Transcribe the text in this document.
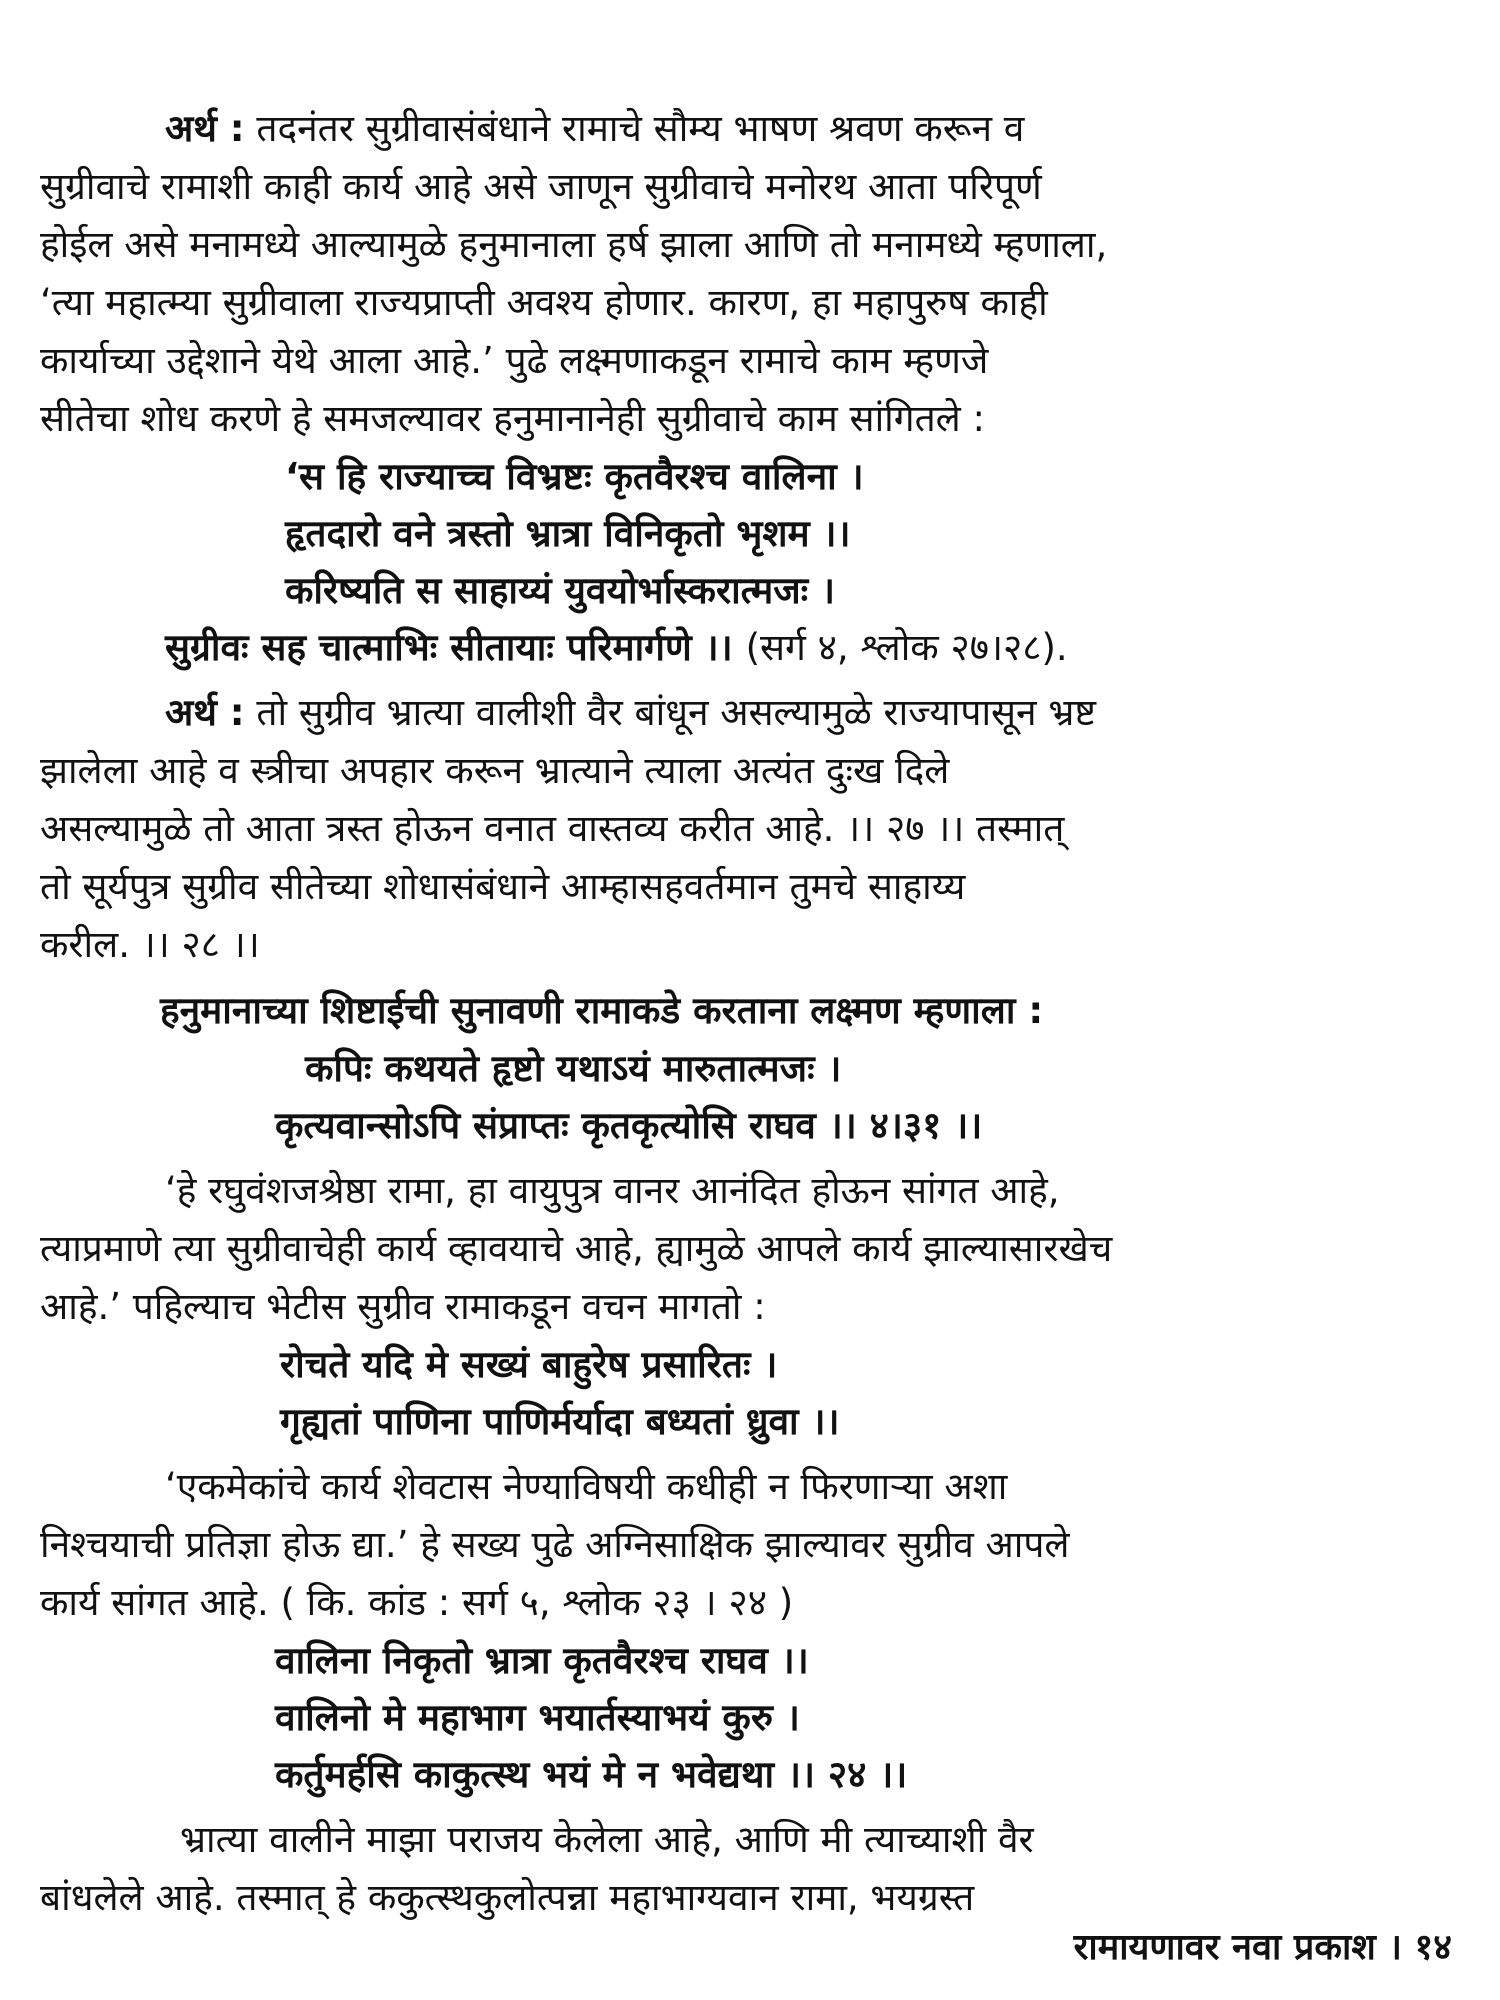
अर्थ : तदनंतर सुग्रीवासंबंधाने रामाचे सौम्य भाषण श्रवण करून व
सुग्रीवाचे रामाशी काही कार्य आहे असे जाणून सुग्रीवाचे मनोरथ आता परिपूर्ण
होईल असे मनामध्ये आल्यामुळे हनुमानाला हर्ष झाला आणि तो मनामध्ये म्हणाला,
‘त्या महात्म्या सुग्रीवाला राज्यप्राप्ती अवश्य होणार. कारण, हा महापुरुष काही
कार्याच्या उद्देशाने येथे आला आहे.’ पुढे लक्ष्मणाकडून रामाचे काम म्हणजे
सीतेचा शोध करणे हे समजल्यावर हनुमानानेही सुग्रीवाचे काम सांगितले :
‘स हि राज्याच्च विभ्रष्टः कृतवैरश्च वालिना ।
हृतदारो वने त्रस्तो भ्रात्रा विनिकृतो भृशम ।।
करिष्यति स साहाय्यं युवयोर्भास्करात्मजः ।
सुग्रीवः सह चात्माभिः सीतायाः परिमार्गणे ।। (सर्ग ४, श्लोक २७।२८).
अर्थ : तो सुग्रीव भ्रात्या वालीशी वैर बांधून असल्यामुळे राज्यापासून भ्रष्ट
झालेला आहे व स्त्रीचा अपहार करून भ्रात्याने त्याला अत्यंत दुःख दिले
असल्यामुळे तो आता त्रस्त होऊन वनात वास्तव्य करीत आहे. ।। २७ ।। तस्मात्
तो सूर्यपुत्र सुग्रीव सीतेच्या शोधासंबंधाने आम्हासहवर्तमान तुमचे साहाय्य
करील. ।। २८ ।।
हनुमानाच्या शिष्टाईची सुनावणी रामाकडे करताना लक्ष्मण म्हणाला :
कपिः कथयते हृष्टो यथाऽयं मारुतात्मजः ।
कृत्यवान्सोऽपि संप्राप्तः कृतकृत्योसि राघव ।। ४।३१ ।।
‘हे रघुवंशजश्रेष्ठा रामा, हा वायुपुत्र वानर आनंदित होऊन सांगत आहे,
त्याप्रमाणे त्या सुग्रीवाचेही कार्य व्हावयाचे आहे, ह्यामुळे आपले कार्य झाल्यासारखेच
आहे.’ पहिल्याच भेटीस सुग्रीव रामाकडून वचन मागतो :
रोचते यदि मे सख्यं बाहुरेष प्रसारितः ।
गृह्यतां पाणिना पाणिर्मर्यादा बध्यतां ध्रुवा ।।
‘एकमेकांचे कार्य शेवटास नेण्याविषयी कधीही न फिरणाऱ्या अशा
निश्चयाची प्रतिज्ञा होऊ द्या.’ हे सख्य पुढे अग्निसाक्षिक झाल्यावर सुग्रीव आपले
कार्य सांगत आहे. ( कि. कांड : सर्ग ५, श्लोक २३ । २४ )
वालिना निकृतो भ्रात्रा कृतवैरश्च राघव ।।
वालिनो मे महाभाग भयार्तस्याभयं कुरु ।
कर्तुमर्हसि काकुत्स्थ भयं मे न भवेद्यथा ।। २४ ।।
भ्रात्या वालीने माझा पराजय केलेला आहे, आणि मी त्याच्याशी वैर
बांधलेले आहे. तस्मात् हे ककुत्स्थकुलोत्पन्ना महाभाग्यवान रामा, भयग्रस्त
रामायणावर नवा प्रकाश । १४
